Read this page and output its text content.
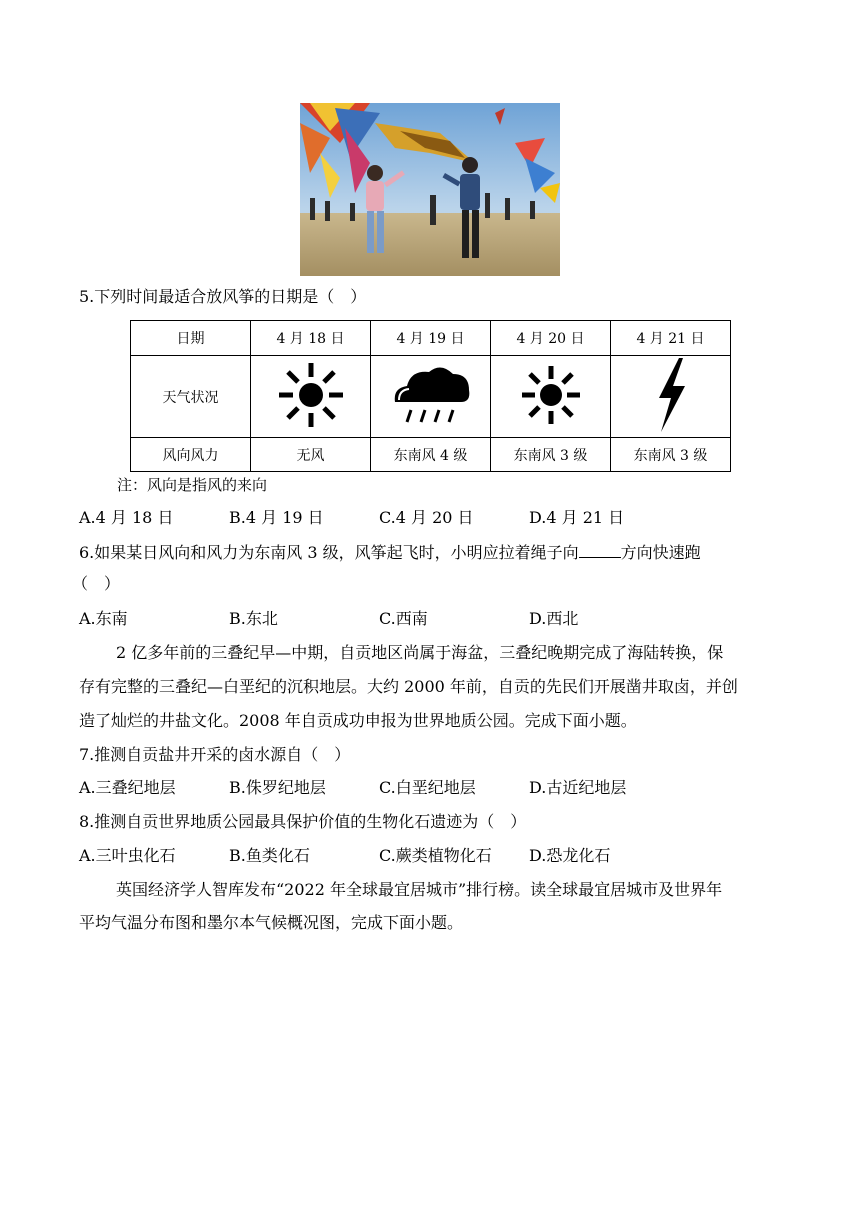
5.下列时间最适合放风筝的日期是（　）
日期	4 月 18 日	4 月 19 日	4 月 20 日	4 月 21 日
天气状况				
风向风力	无风	东南风 4 级	东南风 3 级	东南风 3 级
注：风向是指风的来向
A.4 月 18 日	B.4 月 19 日	C.4 月 20 日	D.4 月 21 日
6.如果某日风向和风力为东南风 3 级，风筝起飞时，小明应拉着绳子向	方向快速跑
（　）
A.东南	B.东北	C.西南	D.西北
2 亿多年前的三叠纪早—中期，自贡地区尚属于海盆，三叠纪晚期完成了海陆转换，保
存有完整的三叠纪—白垩纪的沉积地层。大约 2000 年前，自贡的先民们开展凿井取卤，并创
造了灿烂的井盐文化。2008 年自贡成功申报为世界地质公园。完成下面小题。
7.推测自贡盐井开采的卤水源自（　）
A.三叠纪地层	B.侏罗纪地层	C.白垩纪地层	D.古近纪地层
8.推测自贡世界地质公园最具保护价值的生物化石遗迹为（　）
A.三叶虫化石	B.鱼类化石	C.蕨类植物化石 D.恐龙化石
英国经济学人智库发布“2022 年全球最宜居城市”排行榜。读全球最宜居城市及世界年
平均气温分布图和墨尔本气候概况图，完成下面小题。
